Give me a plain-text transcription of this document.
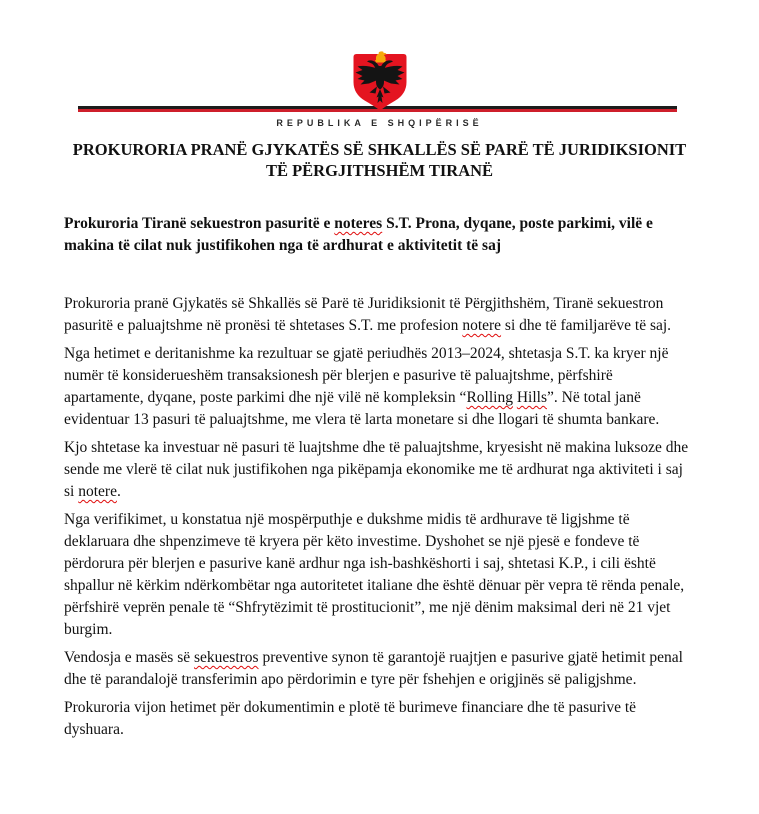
REPUBLIKA E SHQIPËRISË
PROKURORIA PRANË GJYKATËS SË SHKALLËS SË PARË TË JURIDIKSIONIT TË PËRGJITHSHËM TIRANË
Prokuroria Tiranë sekuestron pasuritë e noteres S.T. Prona, dyqane, poste parkimi, vilë e makina të cilat nuk justifikohen nga të ardhurat e aktivitetit të saj

Prokuroria pranë Gjykatës së Shkallës së Parë të Juridiksionit të Përgjithshëm, Tiranë sekuestron pasuritë e paluajtshme në pronësi të shtetases S.T. me profesion notere si dhe të familjarëve të saj.

Nga hetimet e deritanishme ka rezultuar se gjatë periudhës 2013–2024, shtetasja S.T. ka kryer një numër të konsiderueshëm transaksionesh për blerjen e pasurive të paluajtshme, përfshirë apartamente, dyqane, poste parkimi dhe një vilë në kompleksin “Rolling Hills”. Në total janë evidentuar 13 pasuri të paluajtshme, me vlera të larta monetare si dhe llogari të shumta bankare.

Kjo shtetase ka investuar në pasuri të luajtshme dhe të paluajtshme, kryesisht në makina luksoze dhe sende me vlerë të cilat nuk justifikohen nga pikëpamja ekonomike me të ardhurat nga aktiviteti i saj si notere.

Nga verifikimet, u konstatua një mospërputhje e dukshme midis të ardhurave të ligjshme të deklaruara dhe shpenzimeve të kryera për këto investime. Dyshohet se një pjesë e fondeve të përdorura për blerjen e pasurive kanë ardhur nga ish-bashkëshorti i saj, shtetasi K.P., i cili është shpallur në kërkim ndërkombëtar nga autoritetet italiane dhe është dënuar për vepra të rënda penale, përfshirë veprën penale të “Shfrytëzimit të prostitucionit”, me një dënim maksimal deri në 21 vjet burgim.

Vendosja e masës së sekuestros preventive synon të garantojë ruajtjen e pasurive gjatë hetimit penal dhe të parandalojë transferimin apo përdorimin e tyre për fshehjen e origjinës së paligjshme.

Prokuroria vijon hetimet për dokumentimin e plotë të burimeve financiare dhe të pasurive të dyshuara.
